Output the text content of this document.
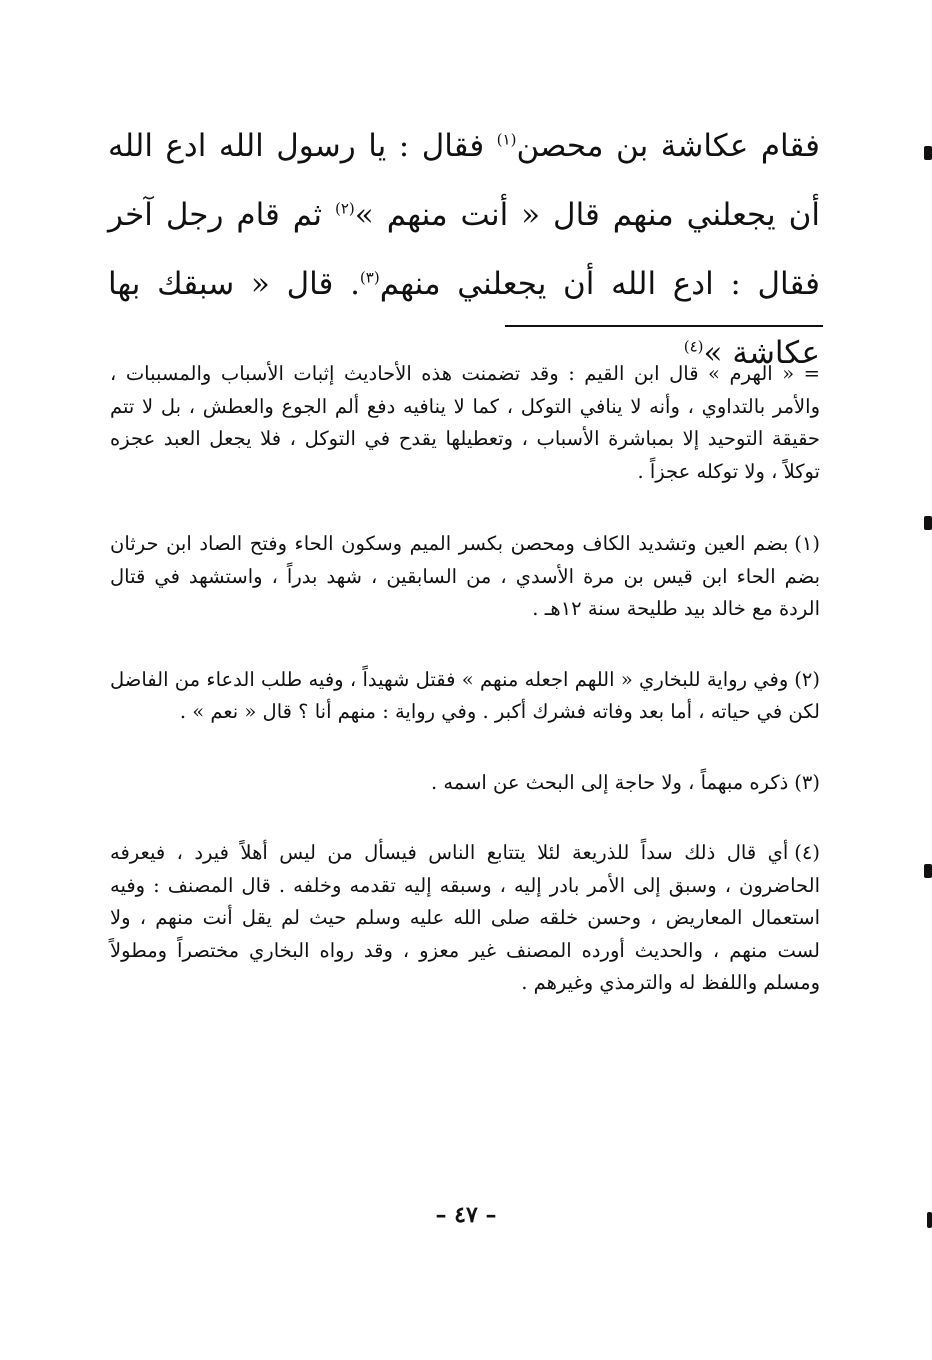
فقام عكاشة بن محصن$^{(١)}$ فقال : يا رسول الله ادع الله أن يجعلني منهم قال « أنت منهم »$^{(٢)}$ ثم قام رجل آخر فقال : ادع الله أن يجعلني منهم$^{(٣)}$. قال « سبقك بها عكاشة »$^{(٤)}$

= « الهرم » قال ابن القيم : وقد تضمنت هذه الأحاديث إثبات الأسباب والمسببات ، والأمر بالتداوي ، وأنه لا ينافي التوكل ، كما لا ينافيه دفع ألم الجوع والعطش ، بل لا تتم حقيقة التوحيد إلا بمباشرة الأسباب ، وتعطيلها يقدح في التوكل ، فلا يجعل العبد عجزه توكلاً ، ولا توكله عجزاً .

(١)بضم العين وتشديد الكاف ومحصن بكسر الميم وسكون الحاء وفتح الصاد ابن حرثان بضم الحاء ابن قيس بن مرة الأسدي ، من السابقين ، شهد بدراً ، واستشهد في قتال الردة مع خالد بيد طليحة سنة ١٢هـ .

(٢)وفي رواية للبخاري « اللهم اجعله منهم » فقتل شهيداً ، وفيه طلب الدعاء من الفاضل لكن في حياته ، أما بعد وفاته فشرك أكبر . وفي رواية : منهم أنا ؟ قال « نعم » .

(٣)ذكره مبهماً ، ولا حاجة إلى البحث عن اسمه .

(٤)أي قال ذلك سداً للذريعة لئلا يتتابع الناس فيسأل من ليس أهلاً فيرد ، فيعرفه الحاضرون ، وسبق إلى الأمر بادر إليه ، وسبقه إليه تقدمه وخلفه . قال المصنف : وفيه استعمال المعاريض ، وحسن خلقه صلى الله عليه وسلم حيث لم يقل أنت منهم ، ولا لست منهم ، والحديث أورده المصنف غير معزو ، وقد رواه البخاري مختصراً ومطولاً ومسلم واللفظ له والترمذي وغيرهم .

– ٤٧ –
